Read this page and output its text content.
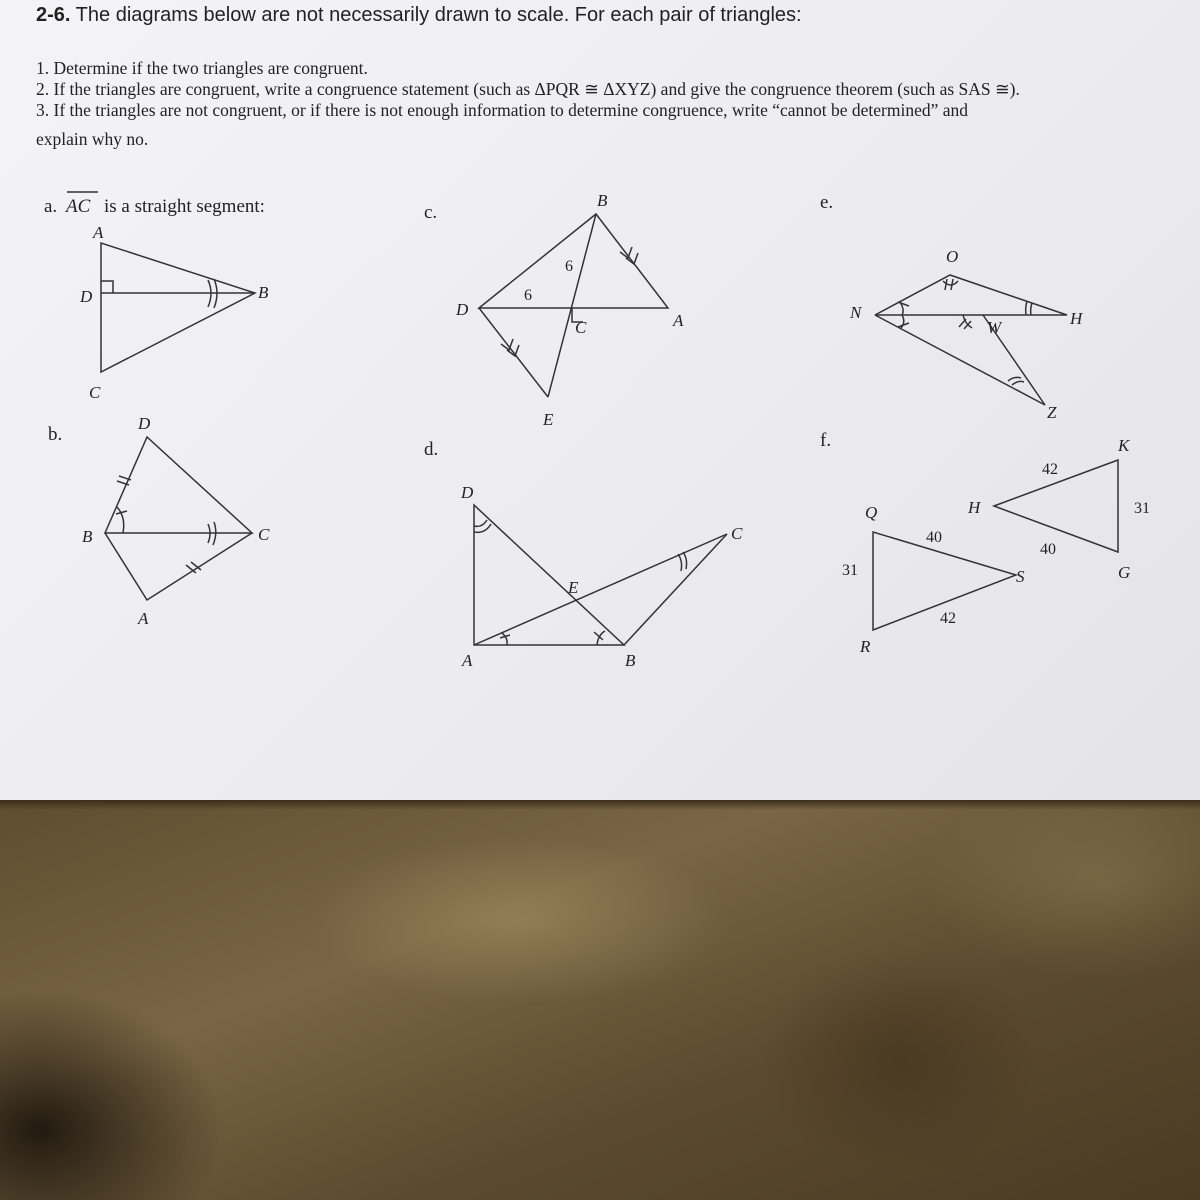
2-6. The diagrams below are not necessarily drawn to scale. For each pair of triangles:
1. Determine if the two triangles are congruent.
2. If the triangles are congruent, write a congruence statement (such as ΔPQR ≅ ΔXYZ) and give the congruence theorem (such as SAS ≅).
3. If the triangles are not congruent, or if there is not enough information to determine congruence, write “cannot be determined” and
explain why no.
a. AC is a straight segment:
A
D	B
C
b.
D
B	C
A
c.
B
D
C	A
E
6
6
d.
D
A	B
C
E
e.
O
N	H
W
Z
f.
Q
R
S
H
K
G
31
40
42
42
40
31
